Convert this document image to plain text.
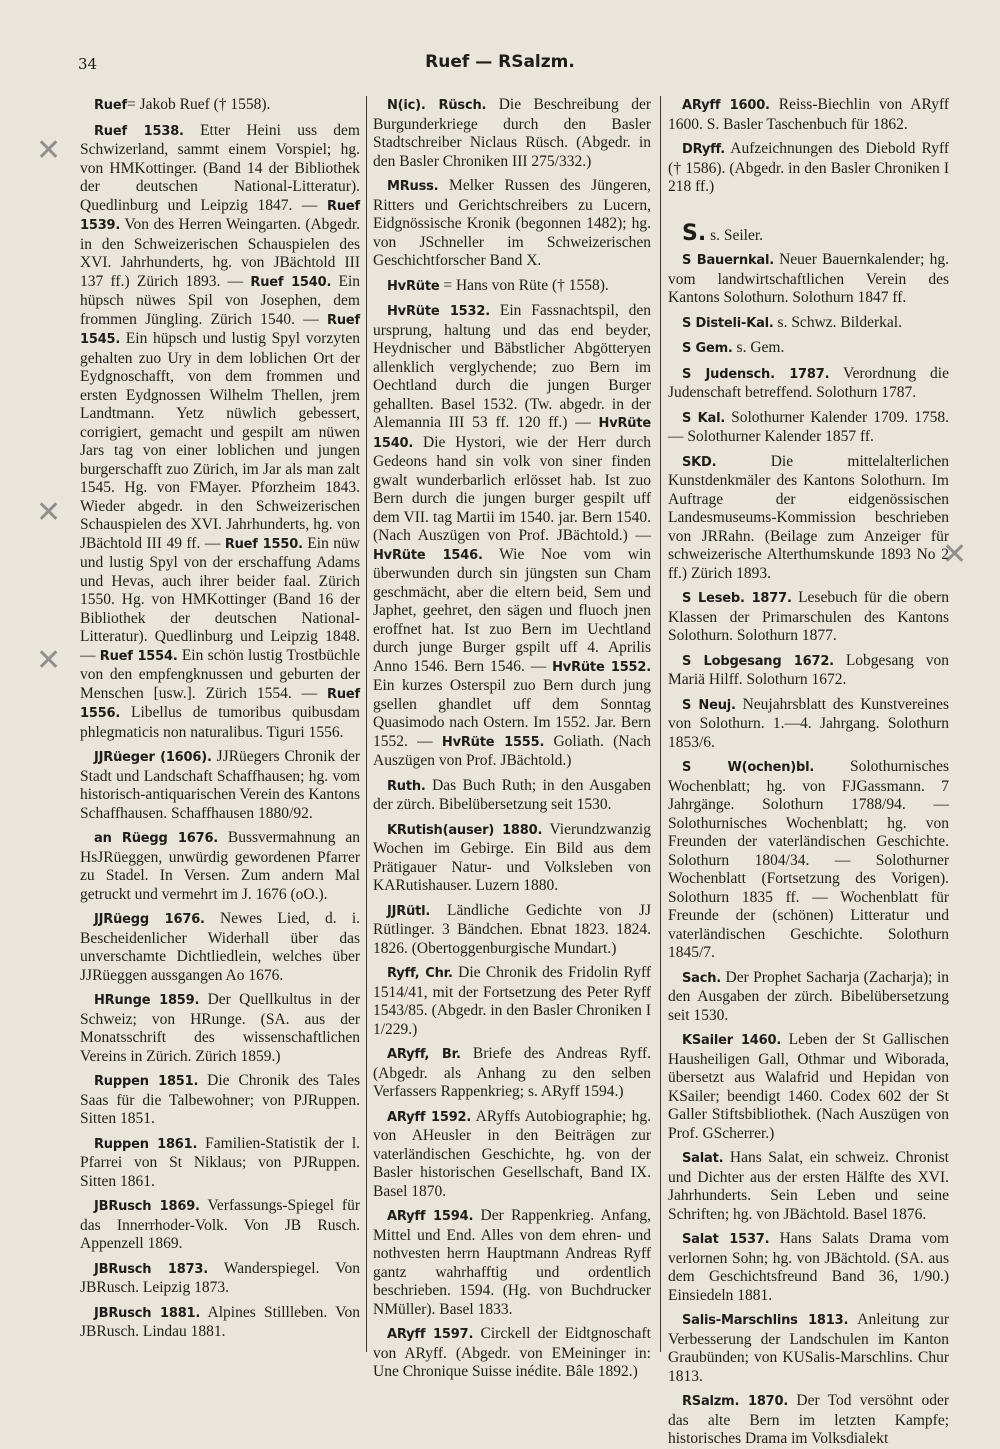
34	Ruef — RSalzm.

Ruef= Jakob Ruef († 1558).

Ruef 1538. Etter Heini uss dem Schwizerland, sammt einem Vorspiel; hg. von HMKottinger. (Band 14 der Bibliothek der deutschen National-Litteratur). Quedlinburg und Leipzig 1847. — Ruef 1539. Von des Herren Weingarten. (Abgedr. in den Schweizerischen Schauspielen des XVI. Jahrhunderts, hg. von JBächtold III 137 ff.) Zürich 1893. — Ruef 1540. Ein hüpsch nüwes Spil von Josephen, dem frommen Jüngling. Zürich 1540. — Ruef 1545. Ein hüpsch und lustig Spyl vorzyten gehalten zuo Ury in dem loblichen Ort der Eydgnoschafft, von dem frommen und ersten Eydgnossen Wilhelm Thellen, jrem Landtmann. Yetz nüwlich gebessert, corrigiert, gemacht und gespilt am nüwen Jars tag von einer loblichen und jungen burgerschafft zuo Zürich, im Jar als man zalt 1545. Hg. von FMayer. Pforzheim 1843. Wieder abgedr. in den Schweizerischen Schauspielen des XVI. Jahrhunderts, hg. von JBächtold III 49 ff. — Ruef 1550. Ein nüw und lustig Spyl von der erschaffung Adams und Hevas, auch ihrer beider faal. Zürich 1550. Hg. von HMKottinger (Band 16 der Bibliothek der deutschen National-Litteratur). Quedlinburg und Leipzig 1848. — Ruef 1554. Ein schön lustig Trostbüchle von den empfengknussen und geburten der Menschen [usw.]. Zürich 1554. — Ruef 1556. Libellus de tumoribus quibusdam phlegmaticis non naturalibus. Tiguri 1556.

JJRüeger (1606). JJRüegers Chronik der Stadt und Landschaft Schaffhausen; hg. vom historisch-antiquarischen Verein des Kantons Schaffhausen. Schaffhausen 1880/92.

an Rüegg 1676. Bussvermahnung an HsJRüeggen, unwürdig gewordenen Pfarrer zu Stadel. In Versen. Zum andern Mal getruckt und vermehrt im J. 1676 (oO.).

JJRüegg 1676. Newes Lied, d. i. Bescheidenlicher Widerhall über das unverschamte Dichtliedlein, welches über JJRüeggen aussgangen Ao 1676.

HRunge 1859. Der Quellkultus in der Schweiz; von HRunge. (SA. aus der Monatsschrift des wissenschaftlichen Vereins in Zürich. Zürich 1859.)

Ruppen 1851. Die Chronik des Tales Saas für die Talbewohner; von PJRuppen. Sitten 1851.

Ruppen 1861. Familien-Statistik der l. Pfarrei von St Niklaus; von PJRuppen. Sitten 1861.

JBRusch 1869. Verfassungs-Spiegel für das Innerrhoder-Volk. Von JB Rusch. Appenzell 1869.

JBRusch 1873. Wanderspiegel. Von JBRusch. Leipzig 1873.

JBRusch 1881. Alpines Stillleben. Von JBRusch. Lindau 1881.

N(ic). Rüsch. Die Beschreibung der Burgunderkriege durch den Basler Stadtschreiber Niclaus Rüsch. (Abgedr. in den Basler Chroniken III 275/332.)

MRuss. Melker Russen des Jüngeren, Ritters und Gerichtschreibers zu Lucern, Eidgnössische Kronik (begonnen 1482); hg. von JSchneller im Schweizerischen Geschichtforscher Band X.

HvRüte = Hans von Rüte († 1558).

HvRüte 1532. Ein Fassnachtspil, den ursprung, haltung und das end beyder, Heydnischer und Bäbstlicher Abgötteryen allenklich verglychende; zuo Bern im Oechtland durch die jungen Burger gehallten. Basel 1532. (Tw. abgedr. in der Alemannia III 53 ff. 120 ff.) — HvRüte 1540. Die Hystori, wie der Herr durch Gedeons hand sin volk von siner finden gwalt wunderbarlich erlösset hab. Ist zuo Bern durch die jungen burger gespilt uff dem VII. tag Martii im 1540. jar. Bern 1540. (Nach Auszügen von Prof. JBächtold.) — HvRüte 1546. Wie Noe vom win überwunden durch sin jüngsten sun Cham geschmächt, aber die eltern beid, Sem und Japhet, geehret, den sägen und fluoch jnen eroffnet hat. Ist zuo Bern im Uechtland durch junge Burger gspilt uff 4. Aprilis Anno 1546. Bern 1546. — HvRüte 1552. Ein kurzes Osterspil zuo Bern durch jung gsellen ghandlet uff dem Sonntag Quasimodo nach Ostern. Im 1552. Jar. Bern 1552. — HvRüte 1555. Goliath. (Nach Auszügen von Prof. JBächtold.)

Ruth. Das Buch Ruth; in den Ausgaben der zürch. Bibelübersetzung seit 1530.

KRutish(auser) 1880. Vierundzwanzig Wochen im Gebirge. Ein Bild aus dem Prätigauer Natur- und Volksleben von KARutishauser. Luzern 1880.

JJRütl. Ländliche Gedichte von JJ Rütlinger. 3 Bändchen. Ebnat 1823. 1824. 1826. (Obertoggenburgische Mundart.)

Ryff, Chr. Die Chronik des Fridolin Ryff 1514/41, mit der Fortsetzung des Peter Ryff 1543/85. (Abgedr. in den Basler Chroniken I 1/229.)

ARyff, Br. Briefe des Andreas Ryff. (Abgedr. als Anhang zu den selben Verfassers Rappenkrieg; s. ARyff 1594.)

ARyff 1592. ARyffs Autobiographie; hg. von AHeusler in den Beiträgen zur vaterländischen Geschichte, hg. von der Basler historischen Gesellschaft, Band IX. Basel 1870.

ARyff 1594. Der Rappenkrieg. Anfang, Mittel und End. Alles von dem ehren- und nothvesten herrn Hauptmann Andreas Ryff gantz wahrhafftig und ordentlich beschrieben. 1594. (Hg. von Buchdrucker NMüller). Basel 1833.

ARyff 1597. Circkell der Eidtgnoschaft von ARyff. (Abgedr. von EMeininger in: Une Chronique Suisse inédite. Bâle 1892.)

ARyff 1600. Reiss-Biechlin von ARyff 1600. S. Basler Taschenbuch für 1862.

DRyff. Aufzeichnungen des Diebold Ryff († 1586). (Abgedr. in den Basler Chroniken I 218 ff.)

S. s. Seiler.

S Bauernkal. Neuer Bauernkalender; hg. vom landwirtschaftlichen Verein des Kantons Solothurn. Solothurn 1847 ff.

S Disteli-Kal. s. Schwz. Bilderkal.

S Gem. s. Gem.

S Judensch. 1787. Verordnung die Judenschaft betreffend. Solothurn 1787.

S Kal. Solothurner Kalender 1709. 1758. — Solothurner Kalender 1857 ff.

SKD. Die mittelalterlichen Kunstdenkmäler des Kantons Solothurn. Im Auftrage der eidgenössischen Landesmuseums-Kommission beschrieben von JRRahn. (Beilage zum Anzeiger für schweizerische Alterthumskunde 1893 No 2 ff.) Zürich 1893.

S Leseb. 1877. Lesebuch für die obern Klassen der Primarschulen des Kantons Solothurn. Solothurn 1877.

S Lobgesang 1672. Lobgesang von Mariä Hilff. Solothurn 1672.

S Neuj. Neujahrsblatt des Kunstvereines von Solothurn. 1.—4. Jahrgang. Solothurn 1853/6.

S W(ochen)bl. Solothurnisches Wochenblatt; hg. von FJGassmann. 7 Jahrgänge. Solothurn 1788/94. — Solothurnisches Wochenblatt; hg. von Freunden der vaterländischen Geschichte. Solothurn 1804/34. — Solothurner Wochenblatt (Fortsetzung des Vorigen). Solothurn 1835 ff. — Wochenblatt für Freunde der (schönen) Litteratur und vaterländischen Geschichte. Solothurn 1845/7.

Sach. Der Prophet Sacharja (Zacharja); in den Ausgaben der zürch. Bibelübersetzung seit 1530.

KSailer 1460. Leben der St Gallischen Hausheiligen Gall, Othmar und Wiborada, übersetzt aus Walafrid und Hepidan von KSailer; beendigt 1460. Codex 602 der St Galler Stiftsbibliothek. (Nach Auszügen von Prof. GScherrer.)

Salat. Hans Salat, ein schweiz. Chronist und Dichter aus der ersten Hälfte des XVI. Jahrhunderts. Sein Leben und seine Schriften; hg. von JBächtold. Basel 1876.

Salat 1537. Hans Salats Drama vom verlornen Sohn; hg. von JBächtold. (SA. aus dem Geschichtsfreund Band 36, 1/90.) Einsiedeln 1881.

Salis-Marschlins 1813. Anleitung zur Verbesserung der Landschulen im Kanton Graubünden; von KUSalis-Marschlins. Chur 1813.

RSalzm. 1870. Der Tod versöhnt oder das alte Bern im letzten Kampfe; historisches Drama im Volksdialekt

✕
✕
✕
✕
